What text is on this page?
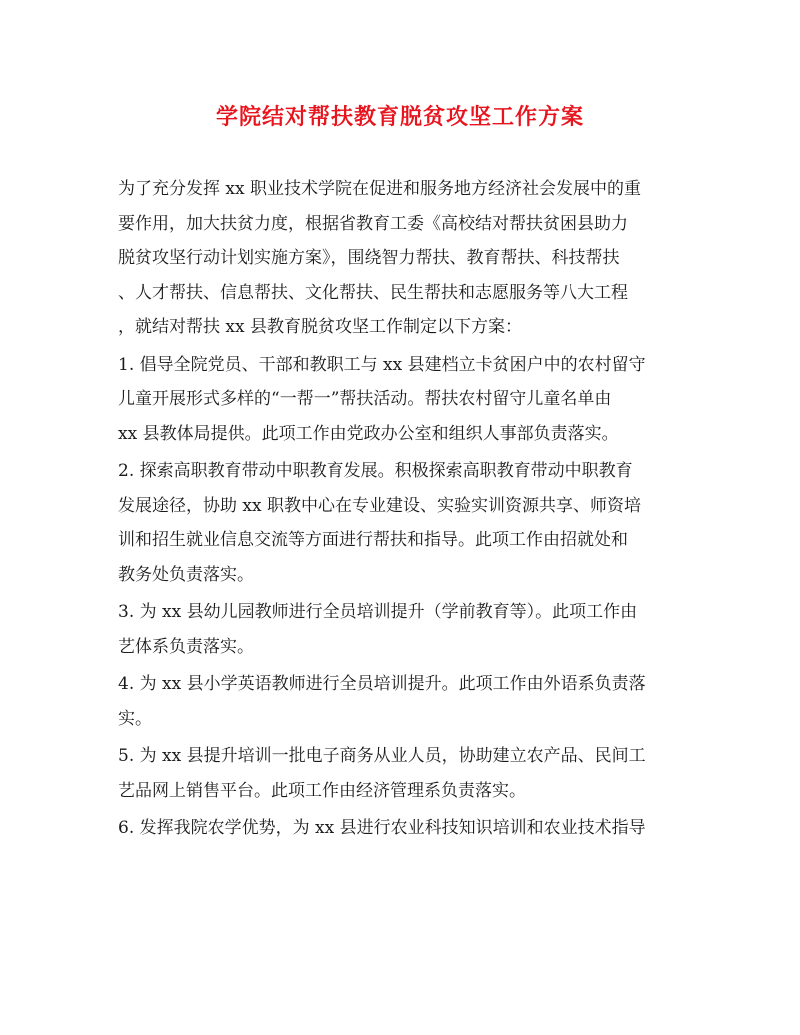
学院结对帮扶教育脱贫攻坚工作方案
为了充分发挥 xx 职业技术学院在促进和服务地方经济社会发展中的重
要作用，加大扶贫力度，根据省教育工委《高校结对帮扶贫困县助力
脱贫攻坚行动计划实施方案》，围绕智力帮扶、教育帮扶、科技帮扶
、人才帮扶、信息帮扶、文化帮扶、民生帮扶和志愿服务等八大工程
，就结对帮扶 xx 县教育脱贫攻坚工作制定以下方案：
1. 倡导全院党员、干部和教职工与 xx 县建档立卡贫困户中的农村留守
儿童开展形式多样的“一帮一”帮扶活动。帮扶农村留守儿童名单由
xx 县教体局提供。此项工作由党政办公室和组织人事部负责落实。
2. 探索高职教育带动中职教育发展。积极探索高职教育带动中职教育
发展途径，协助 xx 职教中心在专业建设、实验实训资源共享、师资培
训和招生就业信息交流等方面进行帮扶和指导。此项工作由招就处和
教务处负责落实。
3. 为 xx 县幼儿园教师进行全员培训提升（学前教育等）。此项工作由
艺体系负责落实。
4. 为 xx 县小学英语教师进行全员培训提升。此项工作由外语系负责落
实。
5. 为 xx 县提升培训一批电子商务从业人员，协助建立农产品、民间工
艺品网上销售平台。此项工作由经济管理系负责落实。
6. 发挥我院农学优势，为 xx 县进行农业科技知识培训和农业技术指导
